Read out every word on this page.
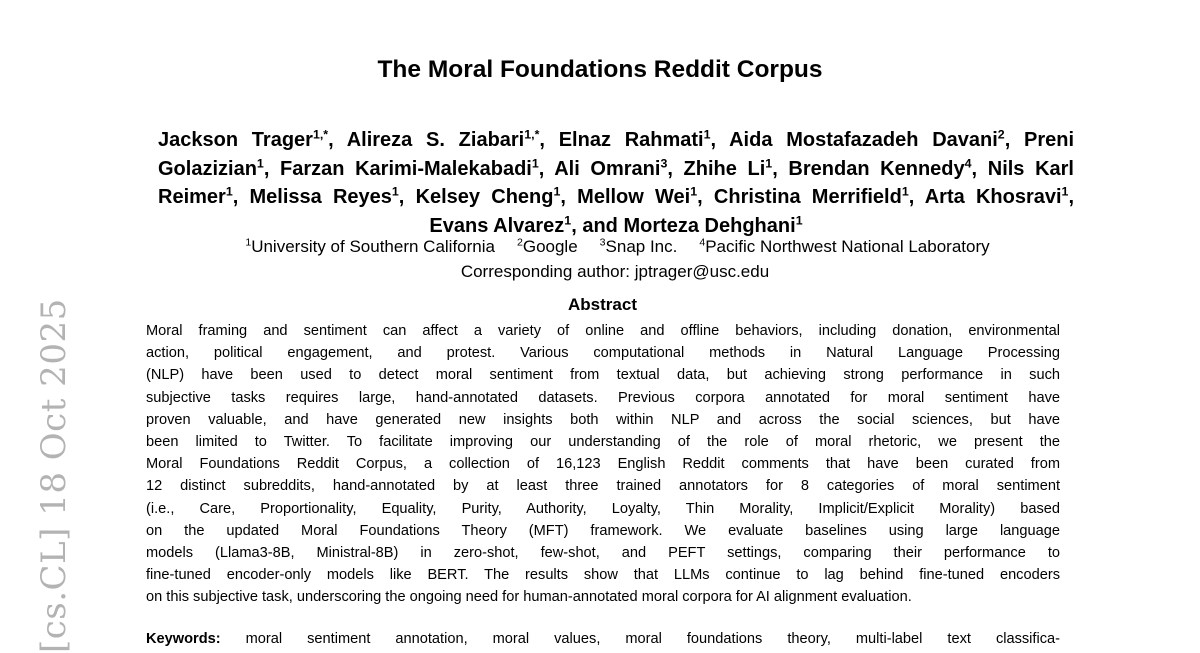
[cs.CL] 18 Oct 2025
The Moral Foundations Reddit Corpus

Jackson Trager$^{1,*}$, Alireza S. Ziabari$^{1,*}$, Elnaz Rahmati$^1$, Aida Mostafazadeh Davani$^2$, Preni Golazizian$^1$, Farzan Karimi-Malekabadi$^1$, Ali Omrani$^3$, Zhihe Li$^1$, Brendan Kennedy$^4$, Nils Karl Reimer$^1$, Melissa Reyes$^1$, Kelsey Cheng$^1$, Mellow Wei$^1$, Christina Merrifield$^1$, Arta Khosravi$^1$, Evans Alvarez$^1$, and Morteza Dehghani$^1$

$^1$University of Southern California $^2$Google $^3$Snap Inc. $^4$Pacific Northwest National Laboratory

Corresponding author: jptrager@usc.edu

Abstract
Moral framing and sentiment can affect a variety of online and offline behaviors, including donation, environmental
action, political engagement, and protest. Various computational methods in Natural Language Processing
(NLP) have been used to detect moral sentiment from textual data, but achieving strong performance in such
subjective tasks requires large, hand-annotated datasets. Previous corpora annotated for moral sentiment have
proven valuable, and have generated new insights both within NLP and across the social sciences, but have
been limited to Twitter. To facilitate improving our understanding of the role of moral rhetoric, we present the
Moral Foundations Reddit Corpus, a collection of 16,123 English Reddit comments that have been curated from
12 distinct subreddits, hand-annotated by at least three trained annotators for 8 categories of moral sentiment
(i.e., Care, Proportionality, Equality, Purity, Authority, Loyalty, Thin Morality, Implicit/Explicit Morality) based
on the updated Moral Foundations Theory (MFT) framework. We evaluate baselines using large language
models (Llama3-8B, Ministral-8B) in zero-shot, few-shot, and PEFT settings, comparing their performance to
fine-tuned encoder-only models like BERT. The results show that LLMs continue to lag behind fine-tuned encoders
on this subjective task, underscoring the ongoing need for human-annotated moral corpora for AI alignment evaluation.

Keywords: moral sentiment annotation, moral values, moral foundations theory, multi-label text classifica-
